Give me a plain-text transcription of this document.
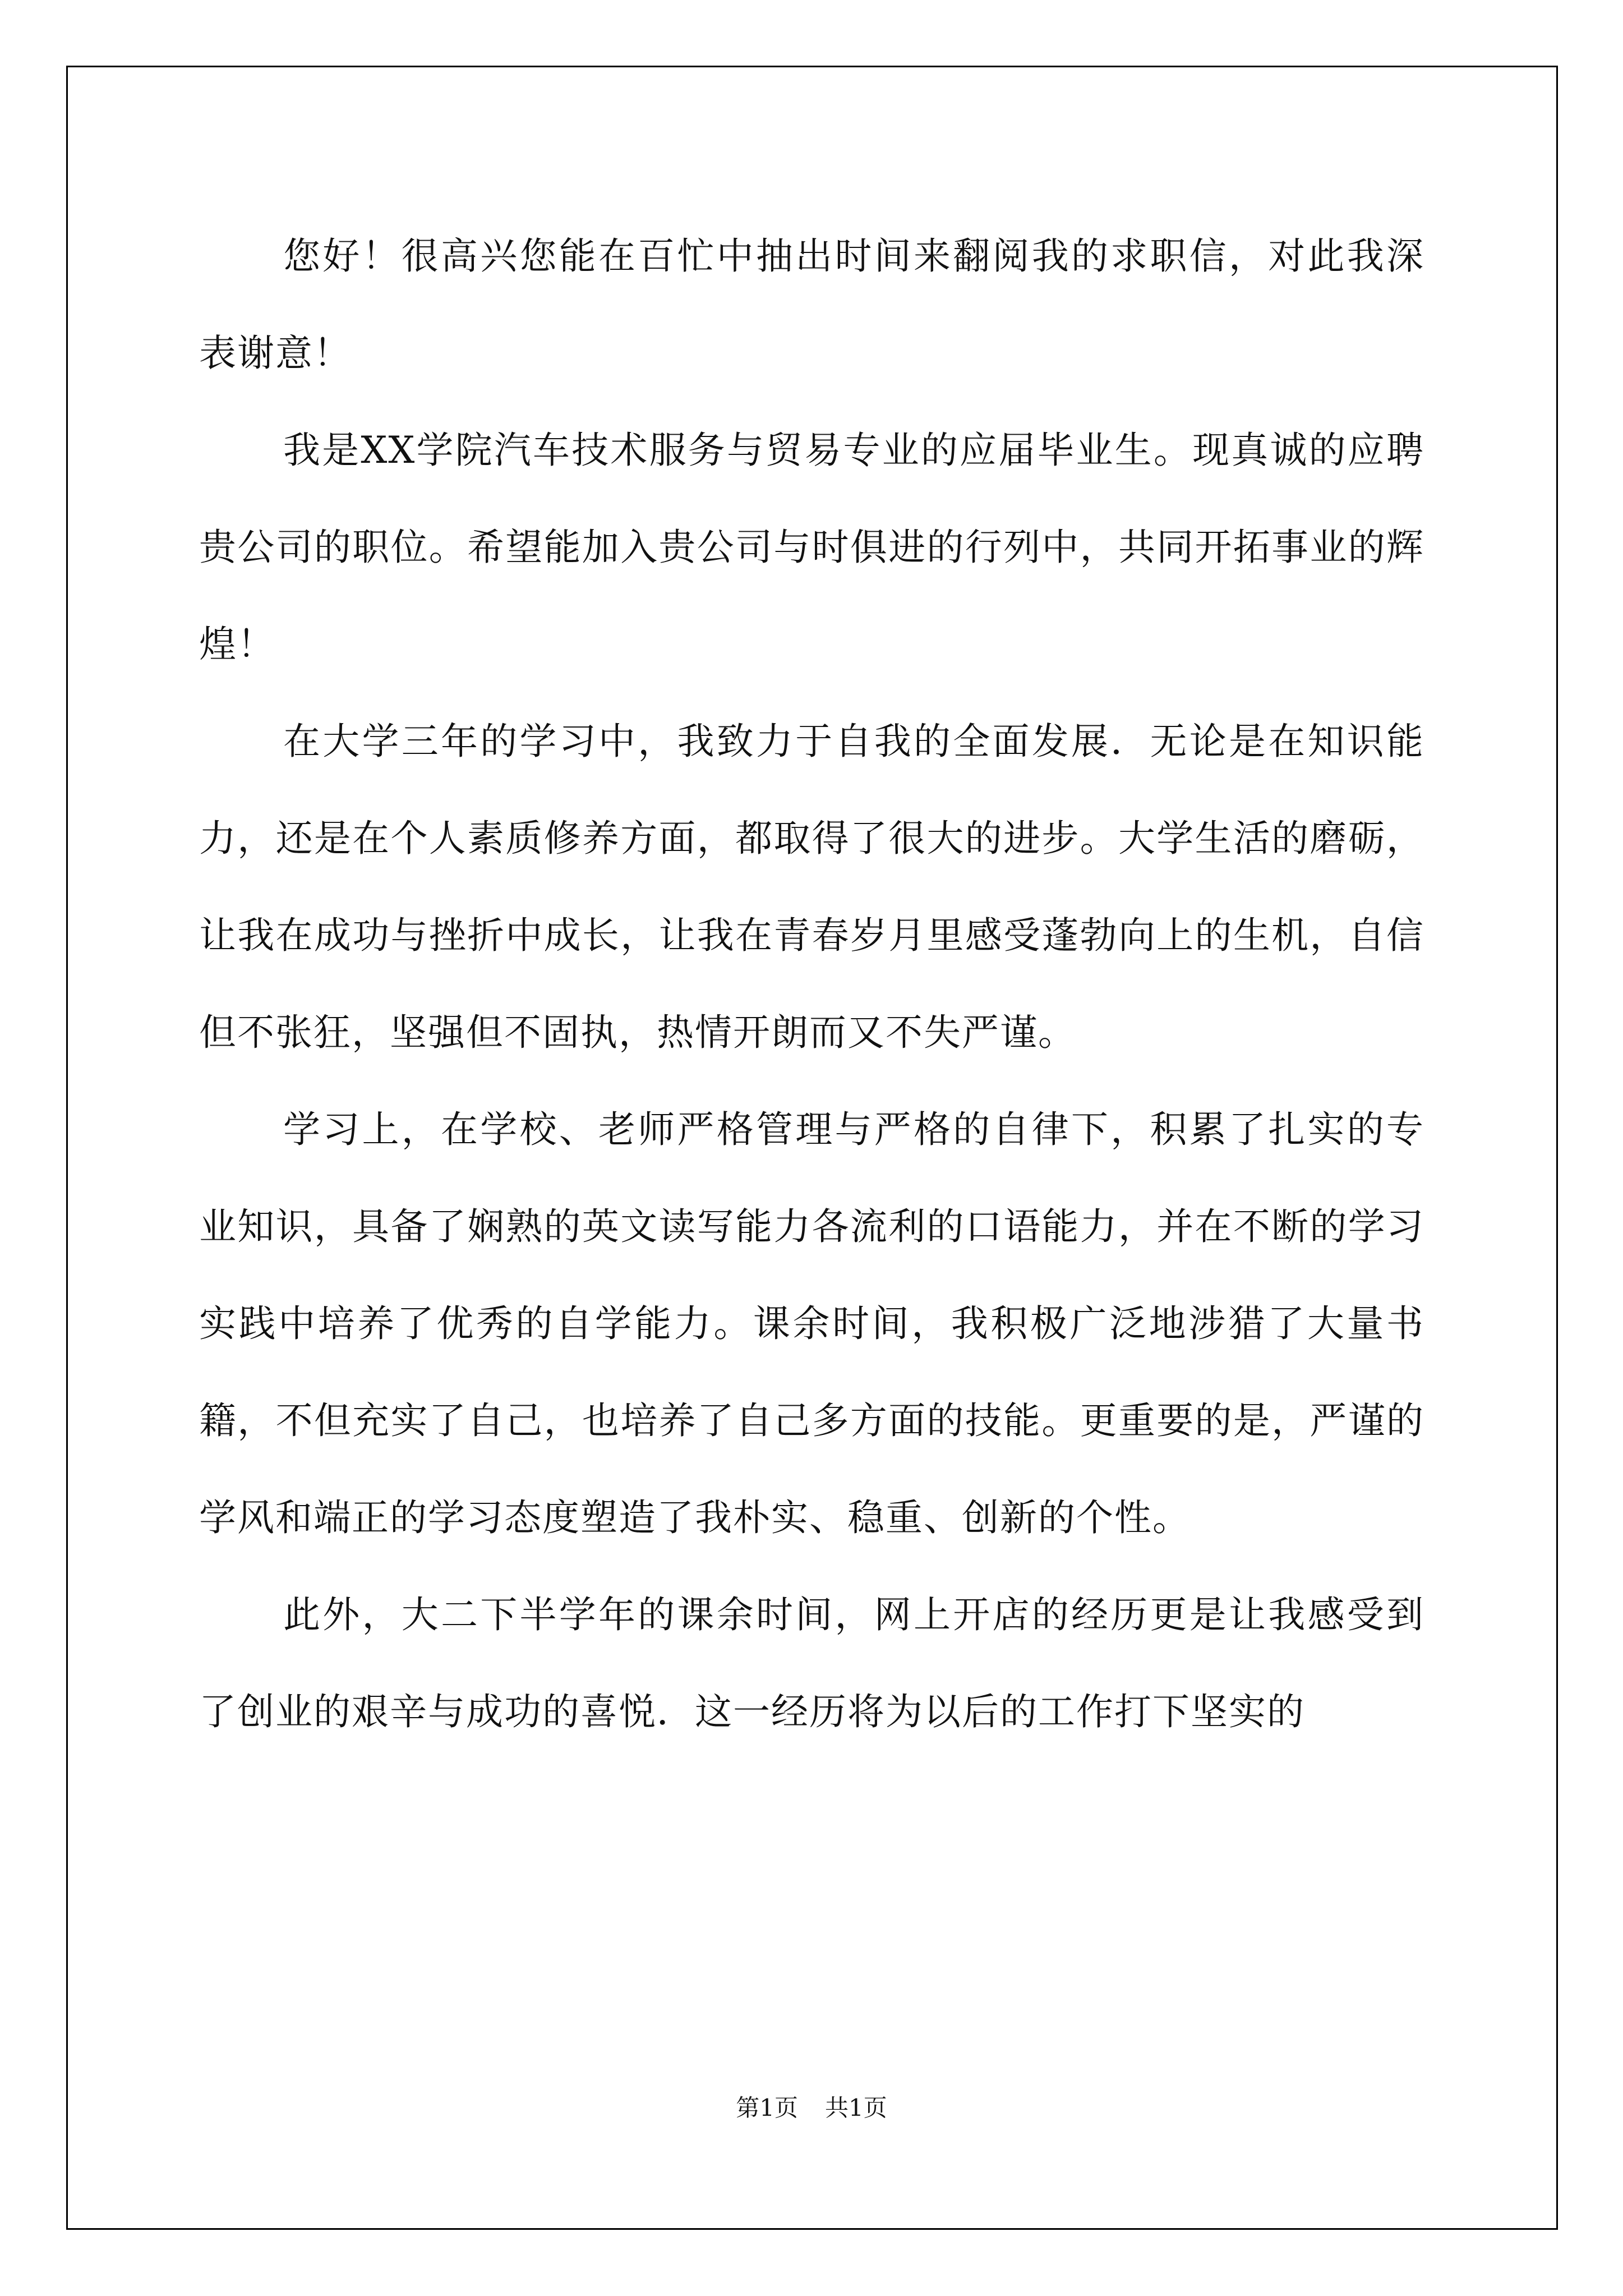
您好！很高兴您能在百忙中抽出时间来翻阅我的求职信，对此我深表谢意！

我是XX学院汽车技术服务与贸易专业的应届毕业生。现真诚的应聘贵公司的职位。希望能加入贵公司与时俱进的行列中，共同开拓事业的辉煌！

在大学三年的学习中，我致力于自我的全面发展．无论是在知识能力，还是在个人素质修养方面，都取得了很大的进步。大学生活的磨砺，让我在成功与挫折中成长，让我在青春岁月里感受蓬勃向上的生机，自信但不张狂，坚强但不固执，热情开朗而又不失严谨。

学习上，在学校、老师严格管理与严格的自律下，积累了扎实的专业知识，具备了娴熟的英文读写能力各流利的口语能力，并在不断的学习实践中培养了优秀的自学能力。课余时间，我积极广泛地涉猎了大量书籍，不但充实了自己，也培养了自己多方面的技能。更重要的是，严谨的学风和端正的学习态度塑造了我朴实、稳重、创新的个性。

此外，大二下半学年的课余时间，网上开店的经历更是让我感受到了创业的艰辛与成功的喜悦．这一经历将为以后的工作打下坚实的

第1页 共1页
